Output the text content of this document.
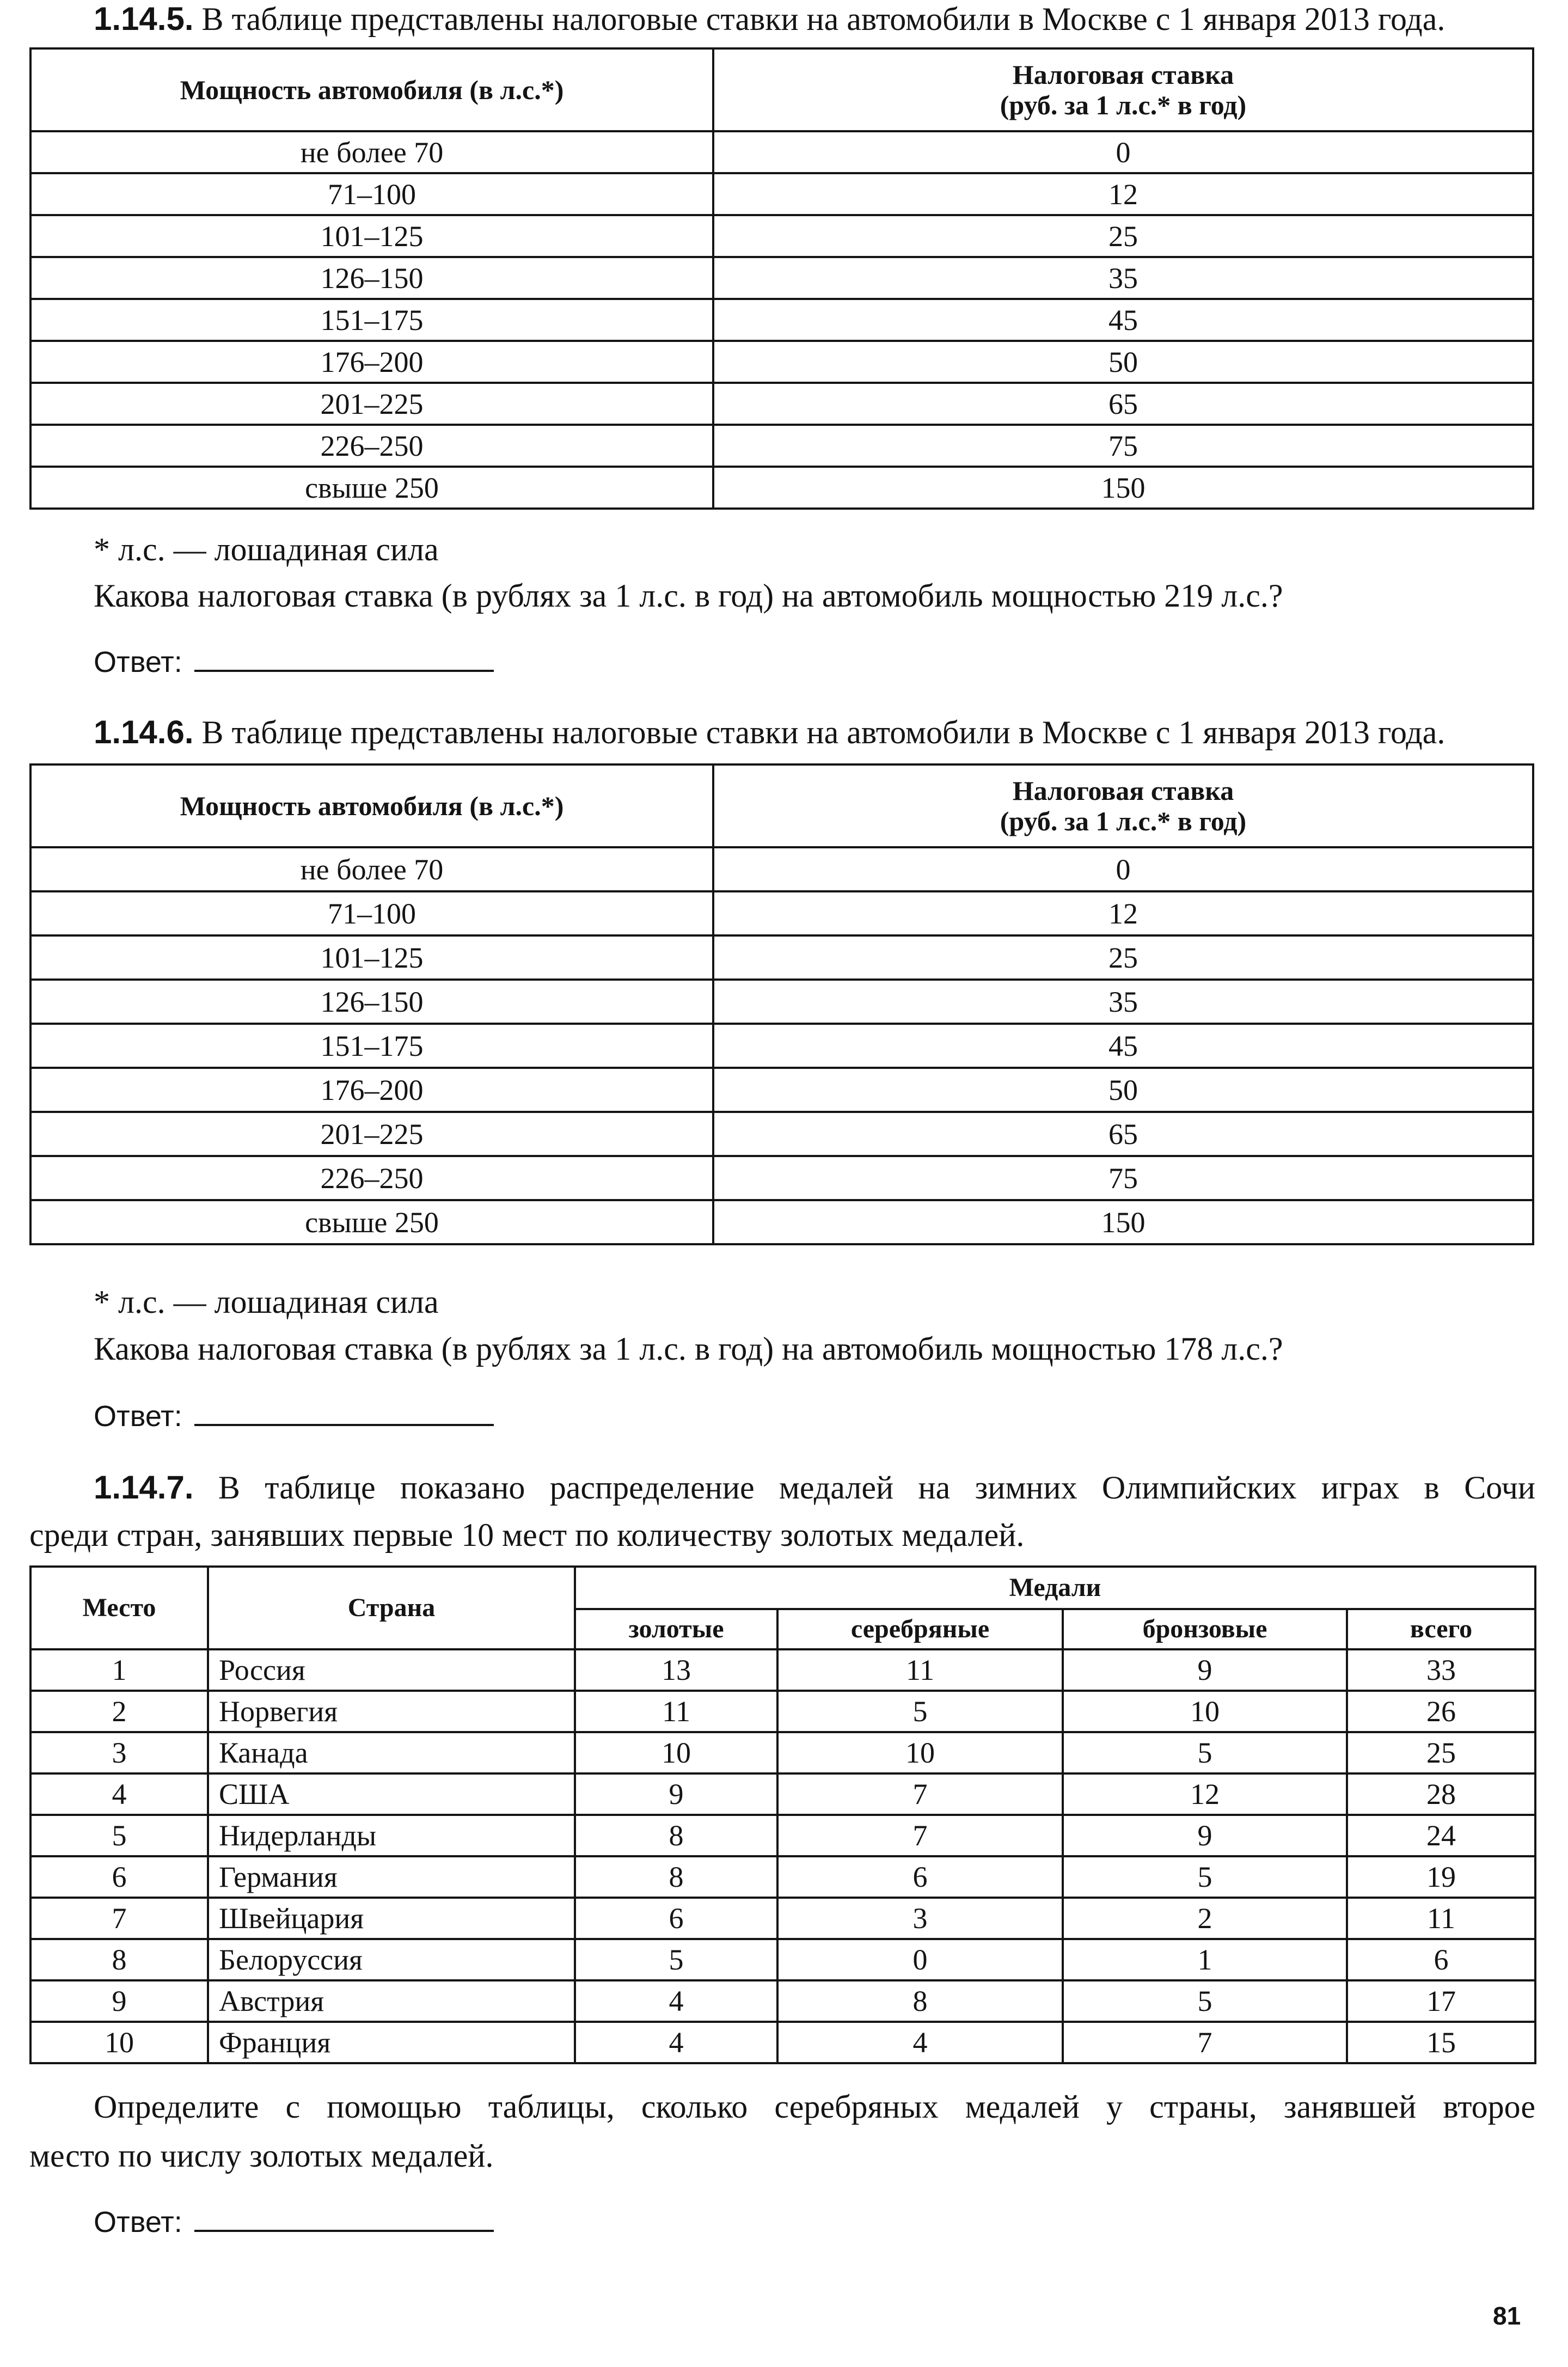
1.14.5. В таблице представлены налоговые ставки на автомобили в Москве с 1 января 2013 года.
Мощность автомобиля (в л.с.*)	Налоговая ставка
(руб. за 1 л.с.* в год)

не более 70	0
71–100	12
101–125	25
126–150	35
151–175	45
176–200	50
201–225	65
226–250	75
свыше 250	150
* л.с. — лошадиная сила
Какова налоговая ставка (в рублях за 1 л.с. в год) на автомобиль мощностью 219 л.с.?
Ответ:
1.14.6. В таблице представлены налоговые ставки на автомобили в Москве с 1 января 2013 года.
Мощность автомобиля (в л.с.*)	Налоговая ставка
(руб. за 1 л.с.* в год)

не более 70	0
71–100	12
101–125	25
126–150	35
151–175	45
176–200	50
201–225	65
226–250	75
свыше 250	150
* л.с. — лошадиная сила
Какова налоговая ставка (в рублях за 1 л.с. в год) на автомобиль мощностью 178 л.с.?
Ответ:
1.14.7. В таблице показано распределение медалей на зимних Олимпийских играх в Сочи
среди стран, занявших первые 10 мест по количеству золотых медалей.
Место	Страна	Медали			
		золотые	серебряные	бронзовые	всего
1	Россия	13	11	9	33
2	Норвегия	11	5	10	26
3	Канада	10	10	5	25
4	США	9	7	12	28
5	Нидерланды	8	7	9	24
6	Германия	8	6	5	19
7	Швейцария	6	3	2	11
8	Белоруссия	5	0	1	6
9	Австрия	4	8	5	17
10	Франция	4	4	7	15
Определите с помощью таблицы, сколько серебряных медалей у страны, занявшей второе
место по числу золотых медалей.
Ответ:
81
